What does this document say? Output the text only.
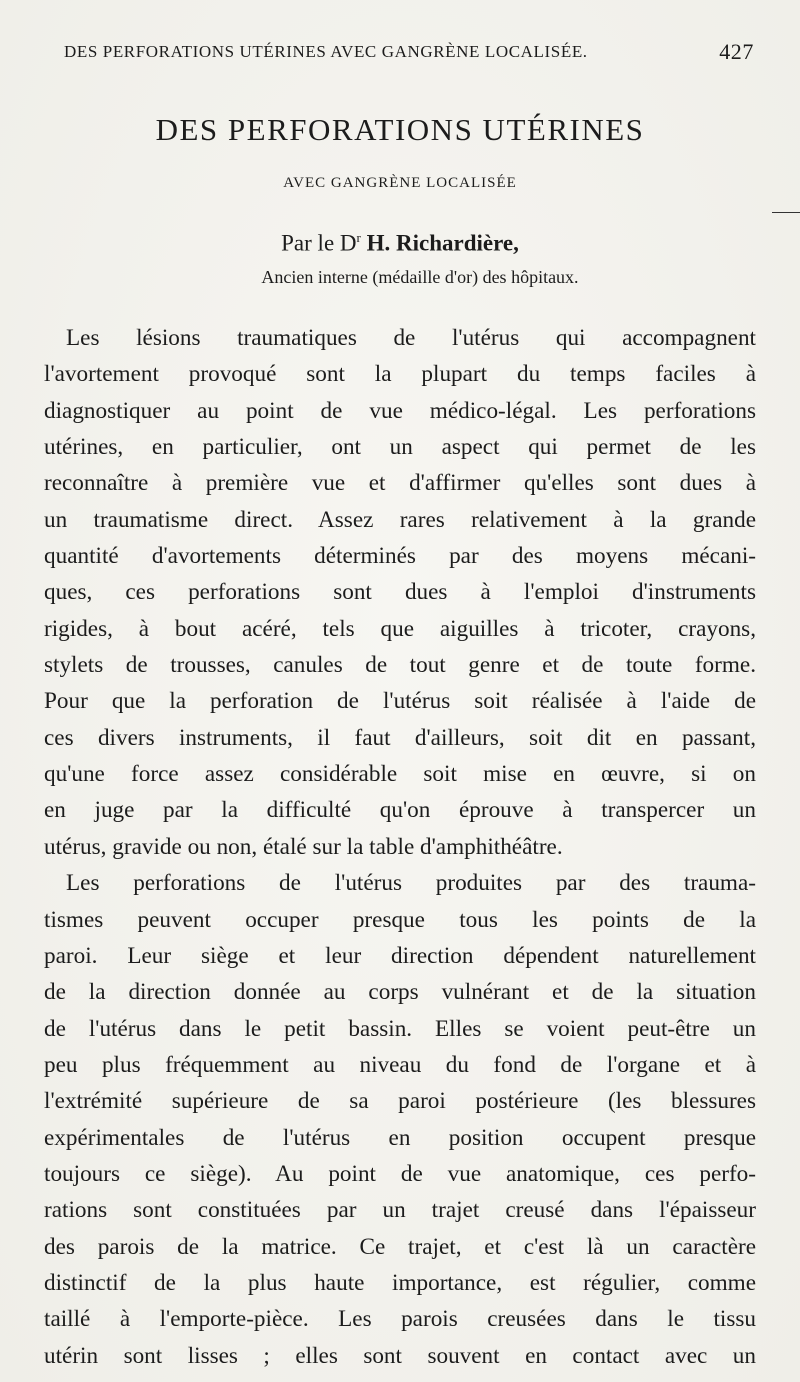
DES PERFORATIONS UTÉRINES AVEC GANGRÈNE LOCALISÉE.	427
DES PERFORATIONS UTÉRINES
AVEC GANGRÈNE LOCALISÉE
Par le $D^r$ H. Richardière,
Ancien interne (médaille d'or) des hôpitaux.
Les lésions traumatiques de l'utérus qui accompagnent
l'avortement provoqué sont la plupart du temps faciles à
diagnostiquer au point de vue médico-légal. Les perforations
utérines, en particulier, ont un aspect qui permet de les
reconnaître à première vue et d'affirmer qu'elles sont dues à
un traumatisme direct. Assez rares relativement à la grande
quantité d'avortements déterminés par des moyens mécani-
ques, ces perforations sont dues à l'emploi d'instruments
rigides, à bout acéré, tels que aiguilles à tricoter, crayons,
stylets de trousses, canules de tout genre et de toute forme.
Pour que la perforation de l'utérus soit réalisée à l'aide de
ces divers instruments, il faut d'ailleurs, soit dit en passant,
qu'une force assez considérable soit mise en œuvre, si on
en juge par la difficulté qu'on éprouve à transpercer un
utérus, gravide ou non, étalé sur la table d'amphithéâtre.
Les perforations de l'utérus produites par des trauma-
tismes peuvent occuper presque tous les points de la
paroi. Leur siège et leur direction dépendent naturellement
de la direction donnée au corps vulnérant et de la situation
de l'utérus dans le petit bassin. Elles se voient peut-être un
peu plus fréquemment au niveau du fond de l'organe et à
l'extrémité supérieure de sa paroi postérieure (les blessures
expérimentales de l'utérus en position occupent presque
toujours ce siège). Au point de vue anatomique, ces perfo-
rations sont constituées par un trajet creusé dans l'épaisseur
des parois de la matrice. Ce trajet, et c'est là un caractère
distinctif de la plus haute importance, est régulier, comme
taillé à l'emporte-pièce. Les parois creusées dans le tissu
utérin sont lisses ; elles sont souvent en contact avec un
